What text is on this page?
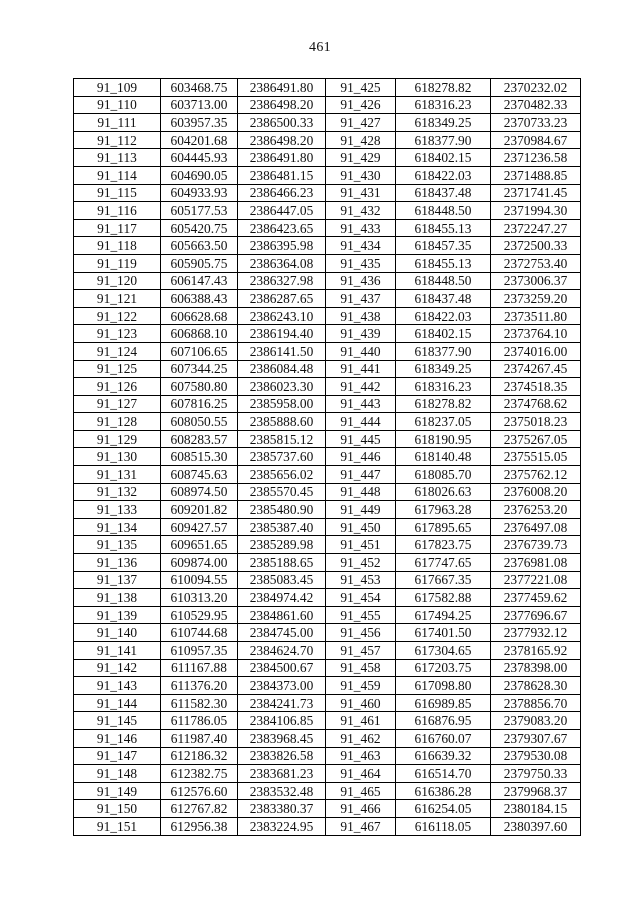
461
91_109	603468.75	2386491.80	91_425	618278.82	2370232.02
91_110	603713.00	2386498.20	91_426	618316.23	2370482.33
91_111	603957.35	2386500.33	91_427	618349.25	2370733.23
91_112	604201.68	2386498.20	91_428	618377.90	2370984.67
91_113	604445.93	2386491.80	91_429	618402.15	2371236.58
91_114	604690.05	2386481.15	91_430	618422.03	2371488.85
91_115	604933.93	2386466.23	91_431	618437.48	2371741.45
91_116	605177.53	2386447.05	91_432	618448.50	2371994.30
91_117	605420.75	2386423.65	91_433	618455.13	2372247.27
91_118	605663.50	2386395.98	91_434	618457.35	2372500.33
91_119	605905.75	2386364.08	91_435	618455.13	2372753.40
91_120	606147.43	2386327.98	91_436	618448.50	2373006.37
91_121	606388.43	2386287.65	91_437	618437.48	2373259.20
91_122	606628.68	2386243.10	91_438	618422.03	2373511.80
91_123	606868.10	2386194.40	91_439	618402.15	2373764.10
91_124	607106.65	2386141.50	91_440	618377.90	2374016.00
91_125	607344.25	2386084.48	91_441	618349.25	2374267.45
91_126	607580.80	2386023.30	91_442	618316.23	2374518.35
91_127	607816.25	2385958.00	91_443	618278.82	2374768.62
91_128	608050.55	2385888.60	91_444	618237.05	2375018.23
91_129	608283.57	2385815.12	91_445	618190.95	2375267.05
91_130	608515.30	2385737.60	91_446	618140.48	2375515.05
91_131	608745.63	2385656.02	91_447	618085.70	2375762.12
91_132	608974.50	2385570.45	91_448	618026.63	2376008.20
91_133	609201.82	2385480.90	91_449	617963.28	2376253.20
91_134	609427.57	2385387.40	91_450	617895.65	2376497.08
91_135	609651.65	2385289.98	91_451	617823.75	2376739.73
91_136	609874.00	2385188.65	91_452	617747.65	2376981.08
91_137	610094.55	2385083.45	91_453	617667.35	2377221.08
91_138	610313.20	2384974.42	91_454	617582.88	2377459.62
91_139	610529.95	2384861.60	91_455	617494.25	2377696.67
91_140	610744.68	2384745.00	91_456	617401.50	2377932.12
91_141	610957.35	2384624.70	91_457	617304.65	2378165.92
91_142	611167.88	2384500.67	91_458	617203.75	2378398.00
91_143	611376.20	2384373.00	91_459	617098.80	2378628.30
91_144	611582.30	2384241.73	91_460	616989.85	2378856.70
91_145	611786.05	2384106.85	91_461	616876.95	2379083.20
91_146	611987.40	2383968.45	91_462	616760.07	2379307.67
91_147	612186.32	2383826.58	91_463	616639.32	2379530.08
91_148	612382.75	2383681.23	91_464	616514.70	2379750.33
91_149	612576.60	2383532.48	91_465	616386.28	2379968.37
91_150	612767.82	2383380.37	91_466	616254.05	2380184.15
91_151	612956.38	2383224.95	91_467	616118.05	2380397.60
